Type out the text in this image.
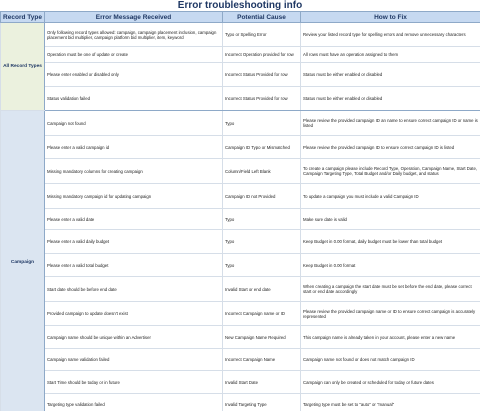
Error troubleshooting info
Record Type	Error Message Received	Potential Cause	How to Fix
All Record Types	Only following record types allowed: campaign, campaign placement inclusion, campaign placement bid multiplier, campaign platform bid multiplier, item, keyword	Typo or Spelling Error	Review your listed record type for spelling errors and remove unnecessary characters
	Operation must be one of update or create	Incorrect Operation provided for row	All rows must have an operation assigned to them
	Please enter enabled or disabled only	Incorrect Status Provided for row	Status must be either enabled or disabled
	Status validation failed	Incorrect Status Provided for row	Status must be either enabled or disabled
Campaign	Campaign not found	Typo	Please review the provided campaign ID an name to ensure correct campaign ID or name is listed
	Please enter a valid campaign id	Campaign ID Typo or Mismatched	Please review the provided campaign ID to ensure correct campaign ID is listed
	Missing mandatory columns for creating campaign	Column/Field Left Blank	To create a campaign please include Record Type, Operation, Campaign Name, Start Date, Campaign Targeting Type, Total Budget and/or Daily budget, and status
	Missing mandatory campaign id for updating campaign	Campaign ID not Provided	To update a campaign you must include a valid Campaign ID
	Please enter a valid date	Typo	Make sure date is valid
	Please enter a valid daily budget	Typo	Keep Budget in 0.00 format, daily budget must be lower than total budget
	Please enter a valid total budget	Typo	Keep Budget in 0.00 format
	Start date should be before end date	Invalid Start or end date	When creating a campaign the start date must be set before the end date, please correct start or end date accordingly
	Provided campaign to update doesn't exist	Incorrect Campaign name or ID	Please review the provided campaign name or ID to ensure correct campaign is accurately represented
	Campaign name should be unique within an Advertiser	New Campaign Name Required	This campaign name is already taken in your account, please enter a new name
	Campaign name validation failed	Incorrect Campaign Name	Campaign name not found or does not match campaign ID
	Start Time should be today or in future	Invalid Start Date	Campaign can only be created or scheduled for today or future dates
	Targeting type validation failed	Invalid Targeting Type	Targeting type must be set to "auto" or "manual"
